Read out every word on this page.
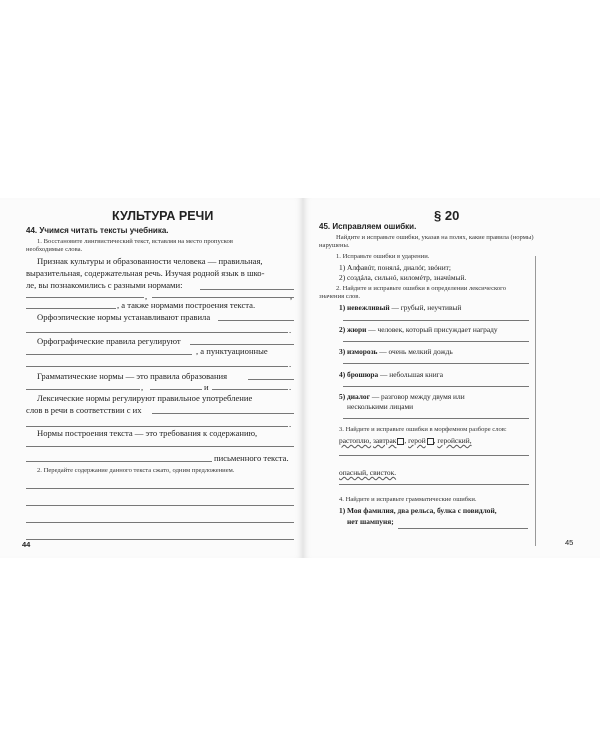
КУЛЬТУРА РЕЧИ
44. Учимся читать тексты учебника.
1. Восстановите лингвистический текст, вставляя на место пропусков
необходимые слова.
Признак культуры и образованности человека — правильная,
выразительная, содержательная речь. Изучая родной язык в шко-
ле, вы познакомились с разными нормами:
,	,
, а также нормами построения текста.
Орфоэпические нормы устанавливают правила
.
Орфографические правила регулируют
, а пунктуационные
.
Грамматические нормы — это правила образования
,	и	.
Лексические нормы регулируют правильное употребление
слов в речи в соответствии с их
.
Нормы построения текста — это требования к содержанию,
письменного текста.
2. Передайте содержание данного текста сжато, одним предложением.
44
§ 20
45. Исправляем ошибки.
Найдите и исправьте ошибки, указав на полях, какие правила (нормы)
нарушены.
1. Исправьте ошибки в ударении.
1) Алфавúт, понялá, диалóг, звóнит;
2) создáла, сильнó, киломéтр, значúмый.
2. Найдите и исправьте ошибки в определении лексического
значения слов.
1) невежливый — грубый, неучтивый
2) жюри — человек, который присуждает награду
3) изморозь — очень мелкий дождь
4) брошюра — небольшая книга
5) диалог — разговор между двумя или
несколькими лицами
3. Найдите и исправьте ошибки в морфемном разборе слов:
растоплю, завтрак , герой , геройский,
опасный, свисток.
4. Найдите и исправьте грамматические ошибки.
1) Моя фамилия, два рельса, булка с повидлой,
нет шампуня;
45
